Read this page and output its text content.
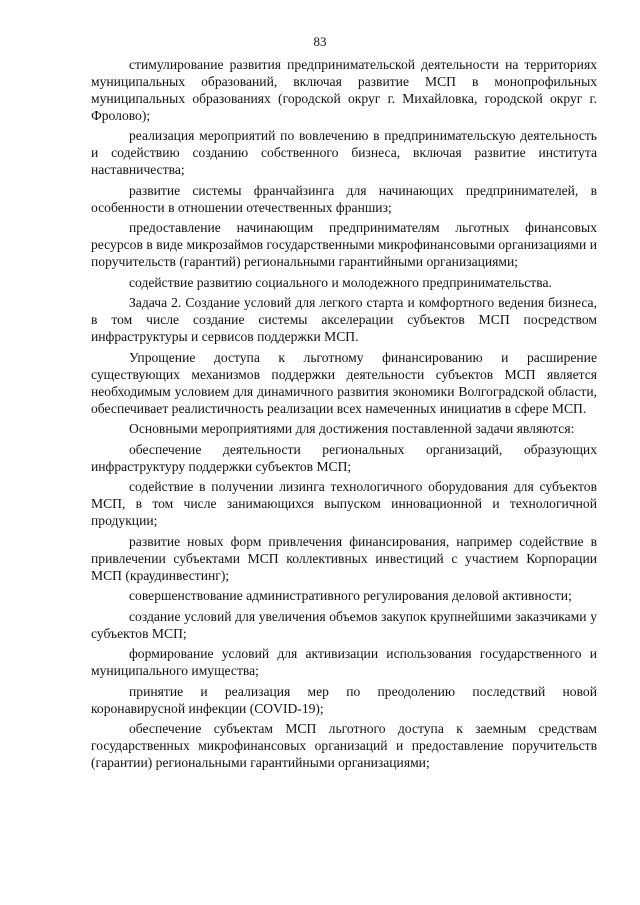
83

стимулирование развития предпринимательской деятельности на территориях муниципальных образований, включая развитие МСП в монопрофильных муниципальных образованиях (городской округ г. Михайловка, городской округ г. Фролово);

реализация мероприятий по вовлечению в предпринимательскую деятельность и содействию созданию собственного бизнеса, включая развитие института наставничества;

развитие системы франчайзинга для начинающих предпринимателей, в особенности в отношении отечественных франшиз;

предоставление начинающим предпринимателям льготных финансовых ресурсов в виде микрозаймов государственными микрофинансовыми организациями и поручительств (гарантий) региональными гарантийными организациями;

содействие развитию социального и молодежного предпринимательства.

Задача 2. Создание условий для легкого старта и комфортного ведения бизнеса, в том числе создание системы акселерации субъектов МСП посредством инфраструктуры и сервисов поддержки МСП.

Упрощение доступа к льготному финансированию и расширение существующих механизмов поддержки деятельности субъектов МСП является необходимым условием для динамичного развития экономики Волгоградской области, обеспечивает реалистичность реализации всех намеченных инициатив в сфере МСП.

Основными мероприятиями для достижения поставленной задачи являются:

обеспечение деятельности региональных организаций, образующих инфраструктуру поддержки субъектов МСП;

содействие в получении лизинга технологичного оборудования для субъектов МСП, в том числе занимающихся выпуском инновационной и технологичной продукции;

развитие новых форм привлечения финансирования, например содействие в привлечении субъектами МСП коллективных инвестиций с участием Корпорации МСП (краудинвестинг);

совершенствование административного регулирования деловой активности;

создание условий для увеличения объемов закупок крупнейшими заказчиками у субъектов МСП;

формирование условий для активизации использования государственного и муниципального имущества;

принятие и реализация мер по преодолению последствий новой коронавирусной инфекции (COVID-19);

обеспечение субъектам МСП льготного доступа к заемным средствам государственных микрофинансовых организаций и предоставление поручительств (гарантии) региональными гарантийными организациями;
